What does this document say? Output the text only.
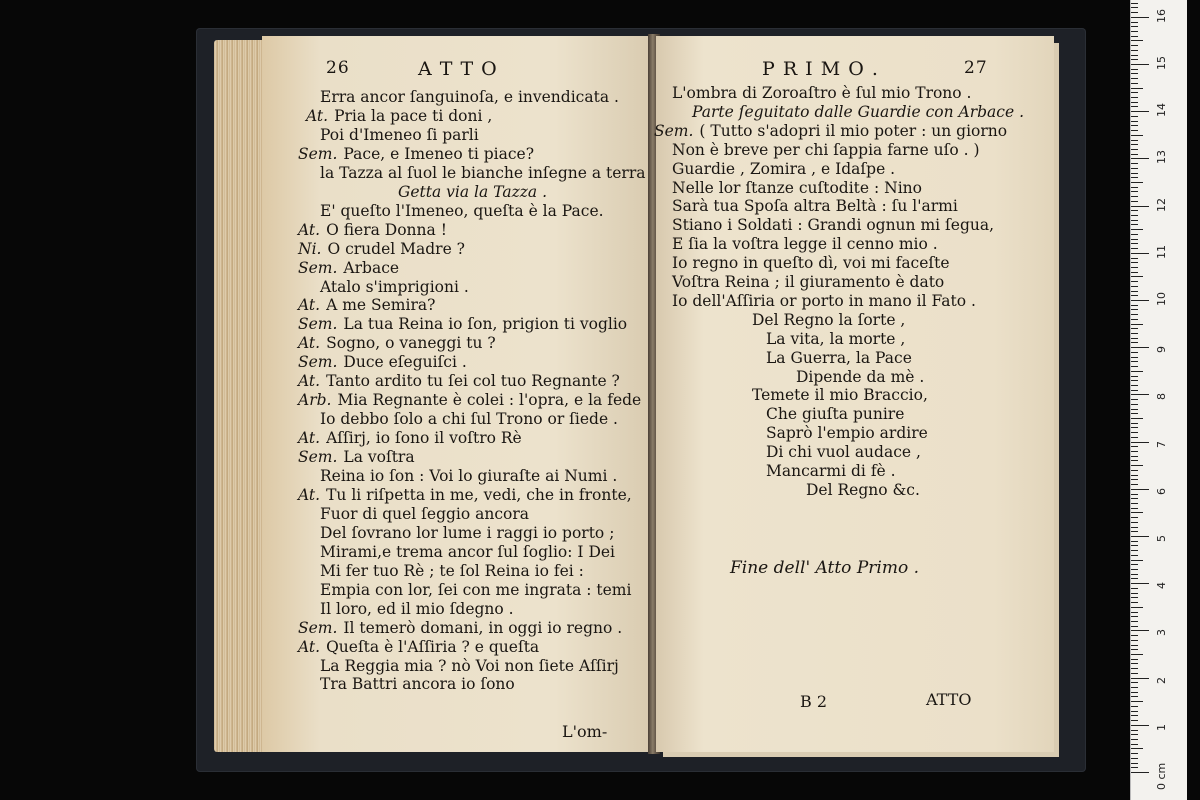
26	A T T O
Erra ancor ſanguinoſa, e invendicata .
At. Pria la pace ti doni ,
Poi d'Imeneo ſi parli
Sem. Pace, e Imeneo ti piace?
la Tazza al ſuol le bianche inſegne a terra
Getta via la Tazza .
E' queſto l'Imeneo, queſta è la Pace.
At. O fiera Donna !
Ni. O crudel Madre ?
Sem. Arbace
Atalo s'imprigioni .
At. A me Semira?
Sem. La tua Reina io ſon, prigion ti voglio
At. Sogno, o vaneggi tu ?
Sem. Duce eſeguiſci .
At. Tanto ardito tu ſei col tuo Regnante ?
Arb. Mia Regnante è colei : l'opra, e la fede
Io debbo ſolo a chi ſul Trono or ſiede .
At. Aſſirj, io ſono il voſtro Rè
Sem. La voſtra
Reina io ſon : Voi lo giuraſte ai Numi .
At. Tu li riſpetta in me, vedi, che in fronte,
Fuor di quel ſeggio ancora
Del ſovrano lor lume i raggi io porto ;
Mirami,e trema ancor ſul ſoglio: I Dei
Mi fer tuo Rè ; te ſol Reina io fei :
Empia con lor, ſei con me ingrata : temi
Il loro, ed il mio ſdegno .
Sem. Il temerò domani, in oggi io regno .
At. Queſta è l'Aſſiria ? e queſta
La Reggia mia ? nò Voi non ſiete Aſſirj
Tra Battri ancora io ſono
L'om-
P R I M O .	27
L'ombra di Zoroaſtro è ſul mio Trono .
Parte ſeguitato dalle Guardie con Arbace .
Sem. ( Tutto s'adopri il mio poter : un giorno
Non è breve per chi ſappia farne uſo . )
Guardie , Zomira , e Idaſpe .
Nelle lor ſtanze cuſtodite : Nino
Sarà tua Spoſa altra Beltà : ſu l'armi
Stiano i Soldati : Grandi ognun mi ſegua,
E ſia la voſtra legge il cenno mio .
Io regno in queſto dì, voi mi faceſte
Voſtra Reina ; il giuramento è dato
Io dell'Aſſiria or porto in mano il Fato .
Del Regno la ſorte ,
La vita, la morte ,
La Guerra, la Pace
Dipende da mè .
Temete il mio Braccio,
Che giuſta punire
Saprò l'empio ardire
Di chi vuol audace ,
Mancarmi di fè .
Del Regno &c.
Fine dell' Atto Primo .
B 2	ATTO
16
15
14
13
12
11
10
9
8
7
6
5
4
3
2
1
0 cm
